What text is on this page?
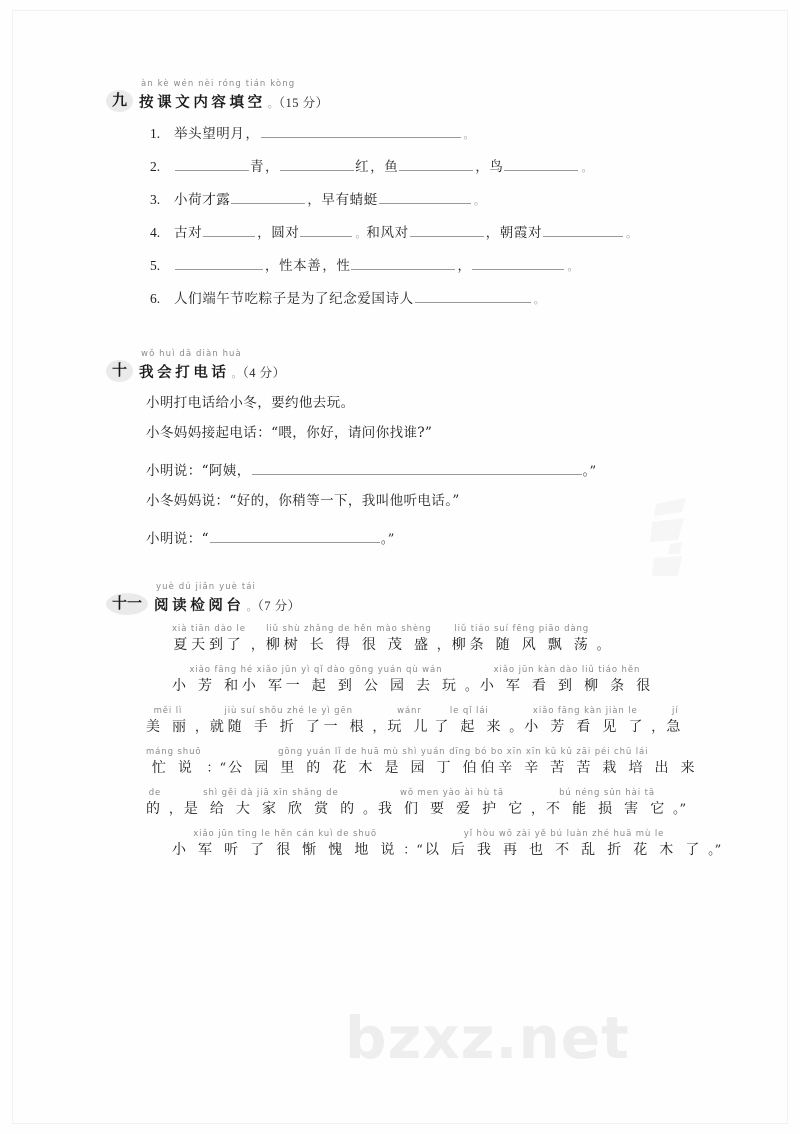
九
àn kè wén nèi róng tián kòng
按课文内容填空 。（15 分）
1.	举头望明月 ，	。
2.	青 ，	红 ， 鱼	， 鸟	。
3.	小荷才露	， 早有蜻蜓	。
4.	古对	， 圆对	。 和风对	， 朝霞对	。
5.	， 性本善 ， 性	，	。
6.	人们端午节吃粽子是为了纪念爱国诗人	。
十
wǒ huì dǎ diàn huà
我会打电话 。（4 分）
小明打电话给小冬，要约他去玩。
小冬妈妈接起电话：“喂，你好，请问你找谁?”
小明说：“阿姨，	。”
小冬妈妈说：“好的，你稍等一下，我叫他听电话。”
小明说：“	。”
十一
yuè dú jiǎn yuè tái
阅读检阅台 。（7 分）
xià tiān dào le
夏天到了 ，
liǔ shù zhǎng de hěn mào shèng
柳树 长 得 很 茂 盛 ，
liǔ tiáo suí fēng piāo dàng
柳条 随 风 飘 荡 。
xiǎo fāng hé xiǎo jūn yì qǐ dào gōng yuán qù wán
小 芳 和小 军一 起 到 公 园 去 玩 。
xiǎo jūn kàn dào liǔ tiáo hěn
小 军 看 到 柳 条 很
měi lì
美 丽 ，
jiù suí shǒu zhé le yì gēn
就随 手 折 了一 根 ，
wánr
玩 儿
le qǐ lái
了 起 来 。
xiǎo fāng kàn jiàn le
小 芳 看 见 了 ，
jí
急
máng shuō
忙 说 ：“
gōng yuán lǐ de huā mù shì yuán dīng bó bo xīn xīn kǔ kǔ zāi péi chū lái
公 园 里 的 花 木 是 园 丁 伯伯辛 辛 苦 苦 栽 培 出 来
de
的 ，
shì gěi dà jiā xīn shǎng de
是 给 大 家 欣 赏 的 。
wǒ men yào ài hù tā
我 们 要 爱 护 它 ，
bú néng sǔn hài tā
不 能 损 害 它 。”
xiǎo jūn tīng le hěn cán kuì de shuō
小 军 听 了 很 惭 愧 地 说 ：“
yǐ hòu wǒ zài yě bú luàn zhé huā mù le
以 后 我 再 也 不 乱 折 花 木 了 。”
bzxz.net
